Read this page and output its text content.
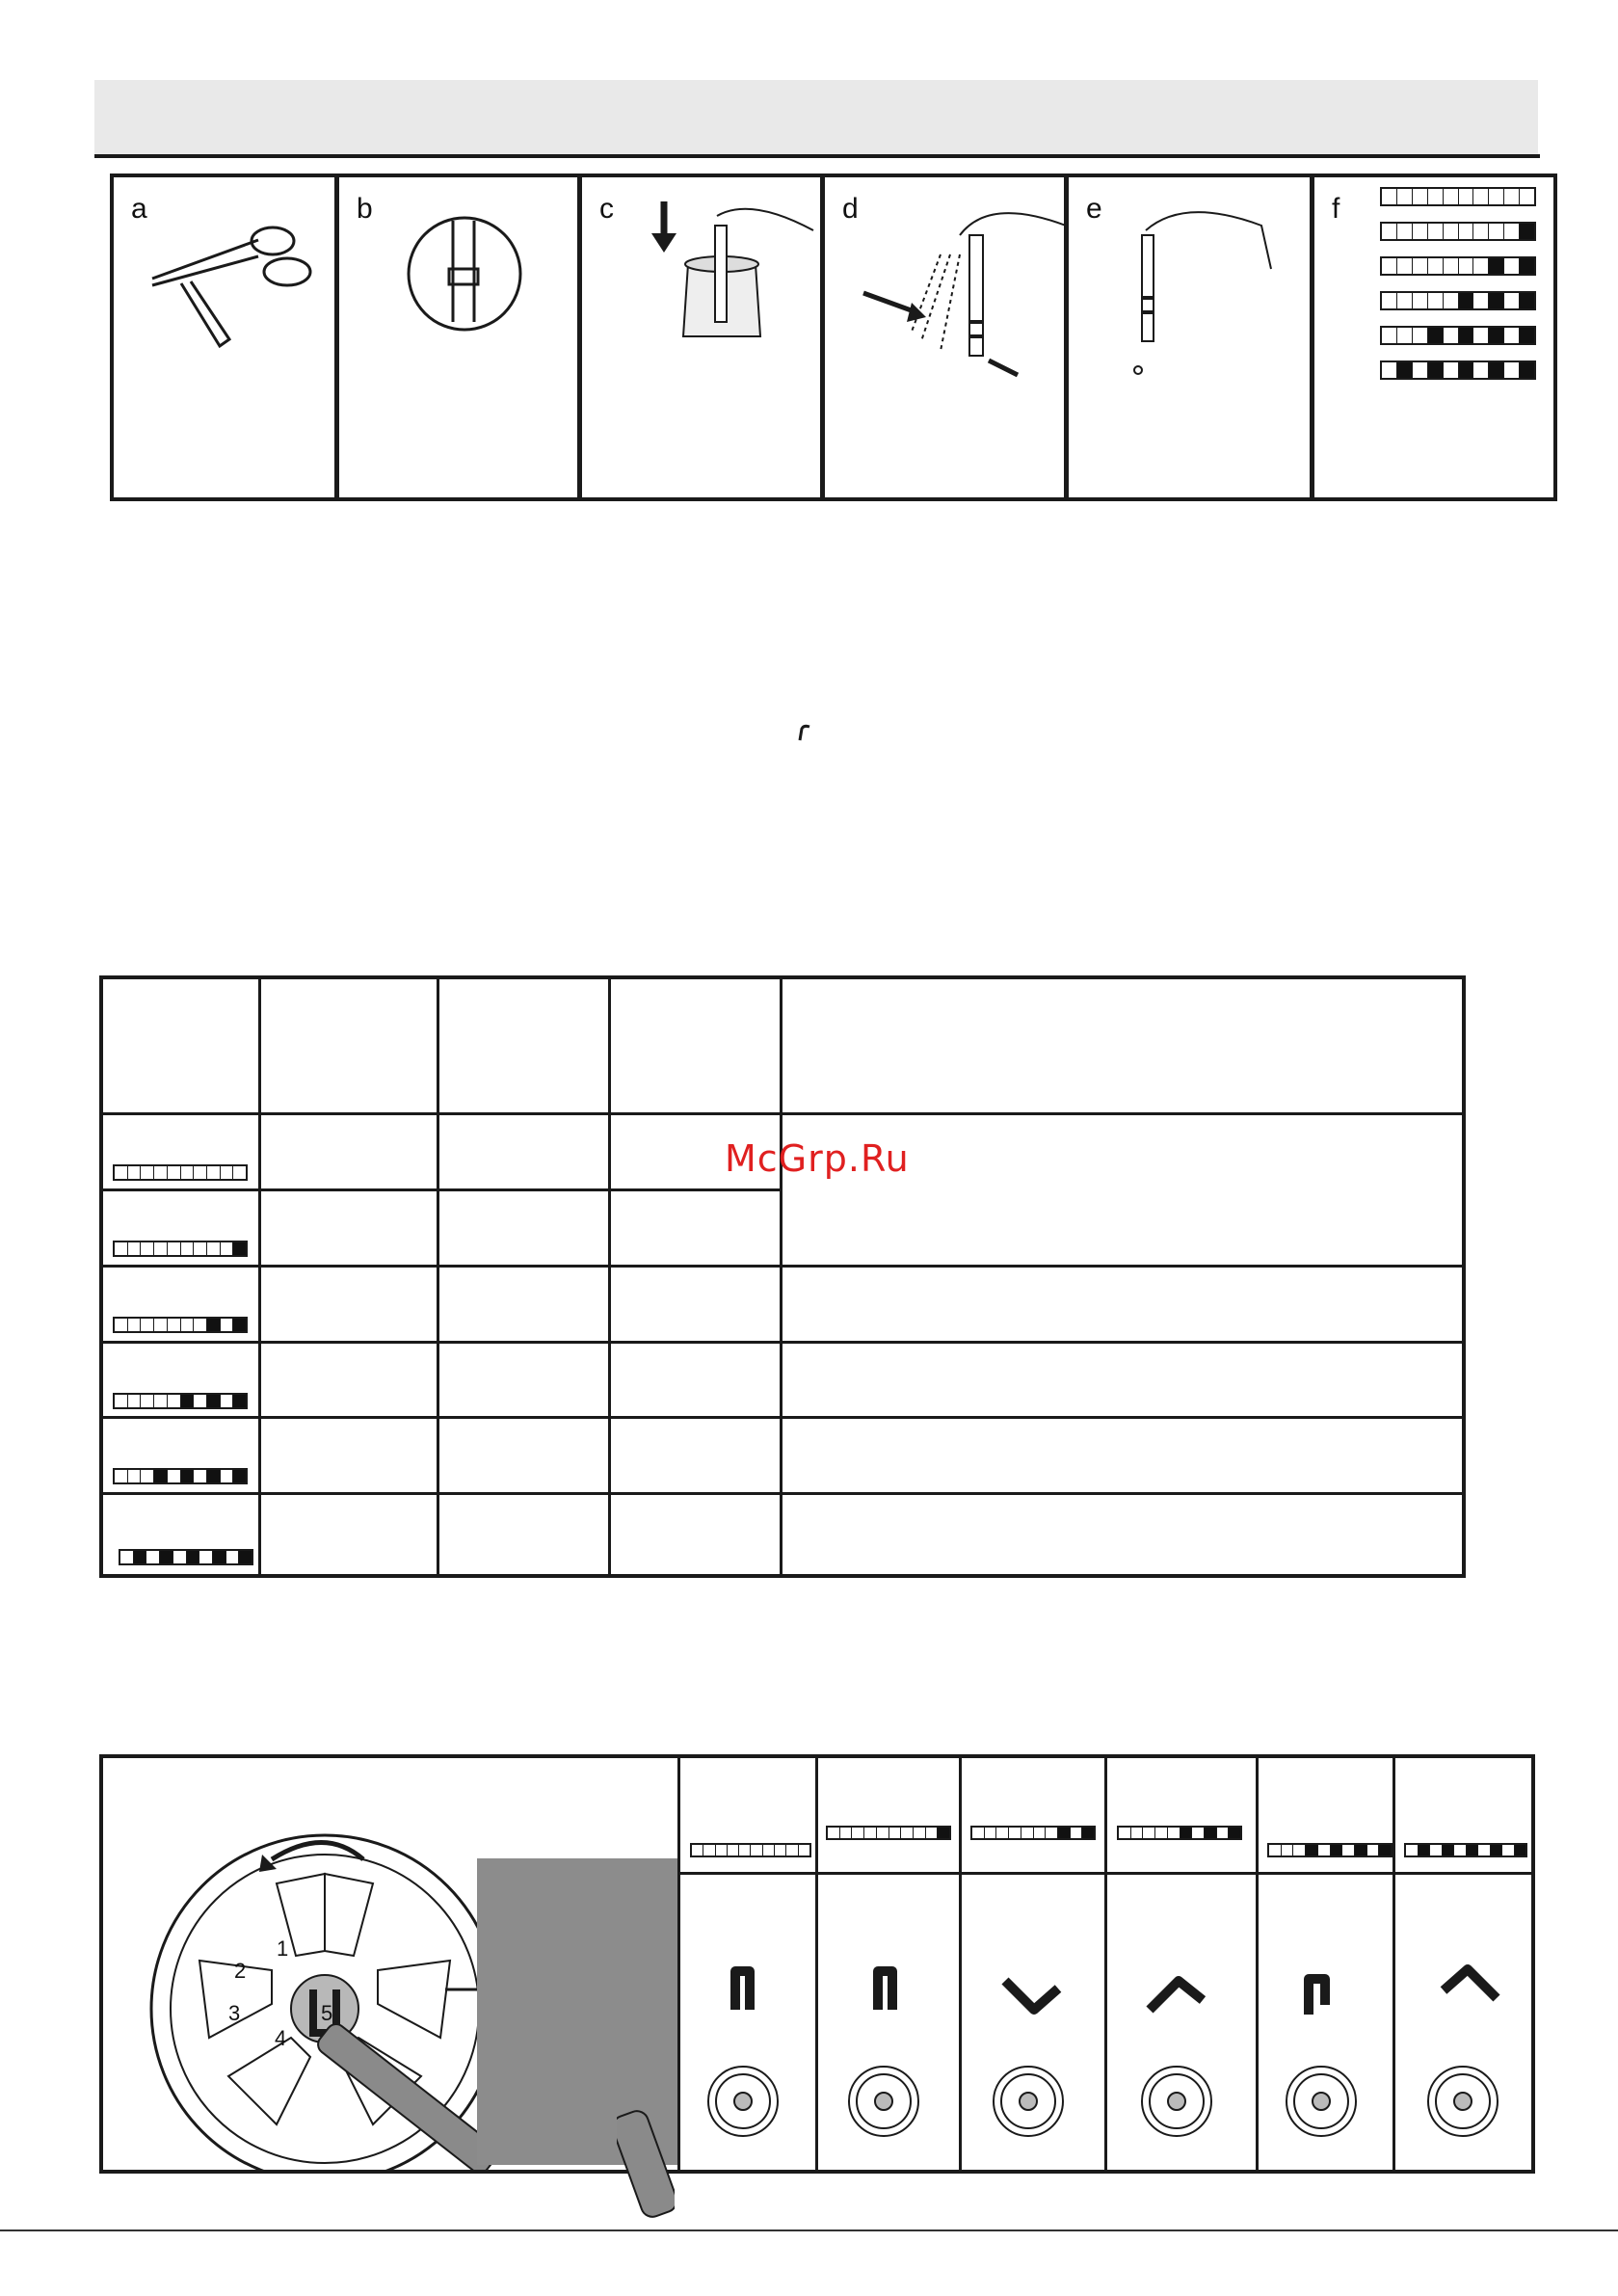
a	b	c	d	e	f
McGrp.Ru
1
2
3
4
5
